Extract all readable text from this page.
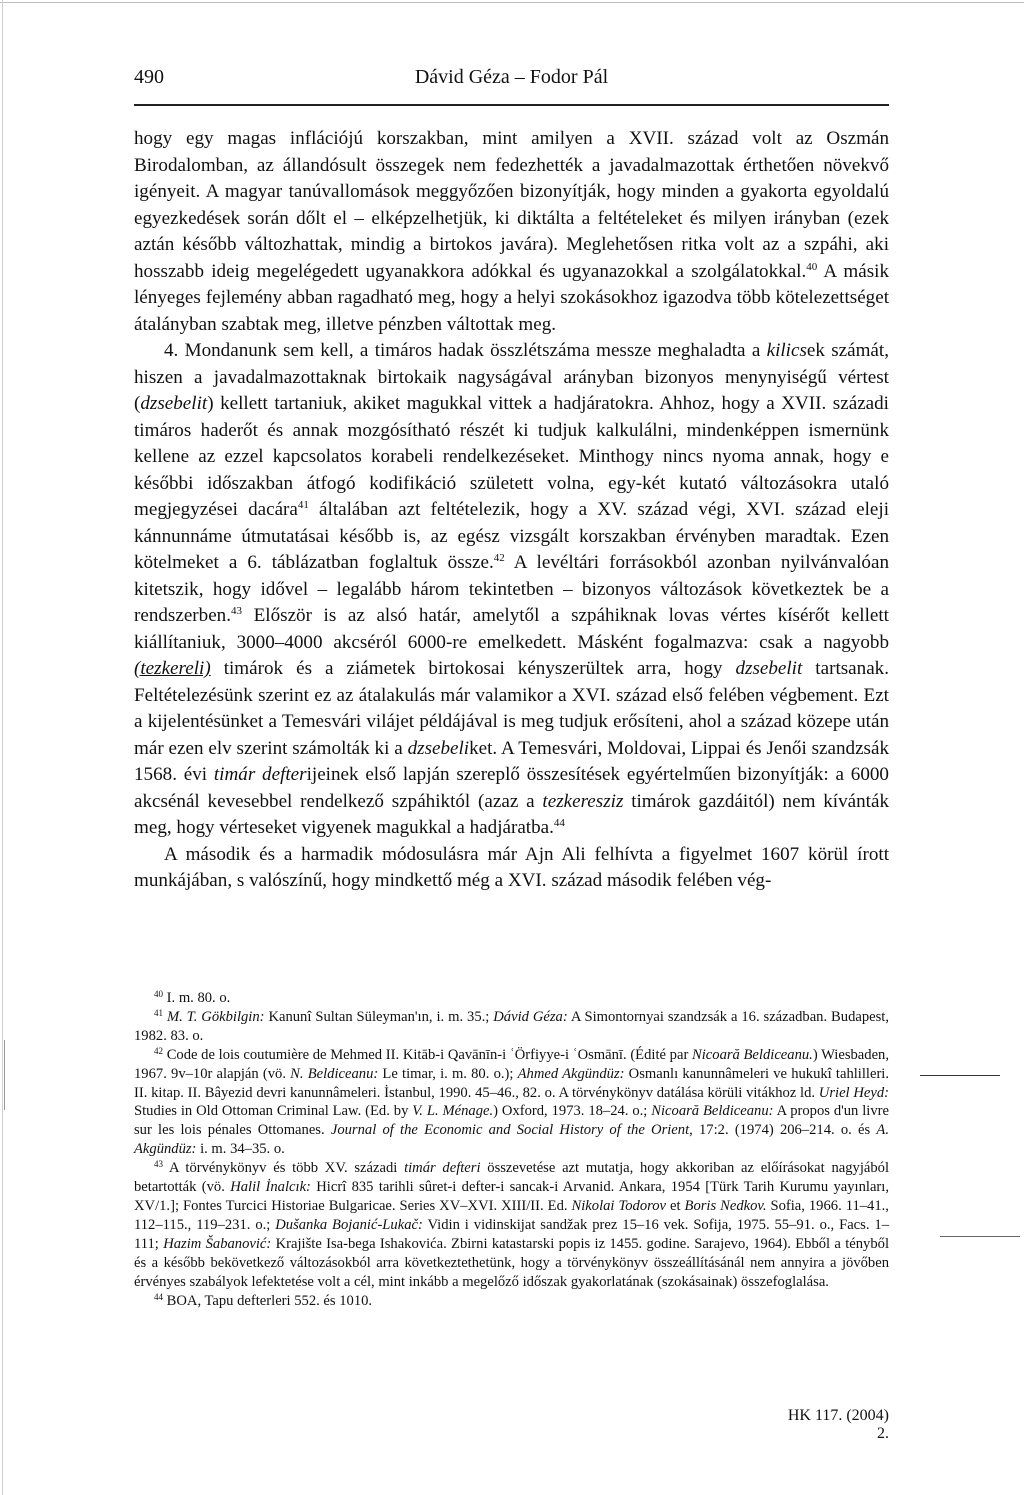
490	Dávid Géza – Fodor Pál

hogy egy magas inflációjú korszakban, mint amilyen a XVII. század volt az Oszmán Birodalomban, az állandósult összegek nem fedezhették a javadalmazottak érthetően növekvő igényeit. A magyar tanúvallomások meggyőzően bizonyítják, hogy minden a gyakorta egyoldalú egyezkedések során dőlt el – elképzelhetjük, ki diktálta a feltételeket és milyen irányban (ezek aztán később változhattak, mindig a birtokos javára). Meglehetősen ritka volt az a szpáhi, aki hosszabb ideig megelégedett ugyanakkora adókkal és ugyanazokkal a szolgálatokkal.$^{40}$ A másik lényeges fejlemény abban ragadható meg, hogy a helyi szokásokhoz igazodva több kötelezettséget átalányban szabtak meg, illetve pénzben váltottak meg.

4. Mondanunk sem kell, a timáros hadak összlétszáma messze meghaladta a kilicsek számát, hiszen a javadalmazottaknak birtokaik nagyságával arányban bizonyos menynyiségű vértest (dzsebelit) kellett tartaniuk, akiket magukkal vittek a hadjáratokra. Ahhoz, hogy a XVII. századi timáros haderőt és annak mozgósítható részét ki tudjuk kalkulálni, mindenképpen ismernünk kellene az ezzel kapcsolatos korabeli rendelkezéseket. Minthogy nincs nyoma annak, hogy e későbbi időszakban átfogó kodifikáció született volna, egy-két kutató változásokra utaló megjegyzései dacára$^{41}$ általában azt feltételezik, hogy a XV. század végi, XVI. század eleji kánnunnáme útmutatásai később is, az egész vizsgált korszakban érvényben maradtak. Ezen kötelmeket a 6. táblázatban foglaltuk össze.$^{42}$ A levéltári forrásokból azonban nyilvánvalóan kitetszik, hogy idővel – legalább három tekintetben – bizonyos változások következtek be a rendszerben.$^{43}$ Először is az alsó határ, amelytől a szpáhiknak lovas vértes kísérőt kellett kiállítaniuk, 3000–4000 akcséról 6000-re emelkedett. Másként fogalmazva: csak a nagyobb (tezkereli) timárok és a ziámetek birtokosai kényszerültek arra, hogy dzsebelit tartsanak. Feltételezésünk szerint ez az átalakulás már valamikor a XVI. század első felében végbement. Ezt a kijelentésünket a Temesvári vilájet példájával is meg tudjuk erősíteni, ahol a század közepe után már ezen elv szerint számolták ki a dzsebeliket. A Temesvári, Moldovai, Lippai és Jenői szandzsák 1568. évi timár defterijeinek első lapján szereplő összesítések egyértelműen bizonyítják: a 6000 akcsénál kevesebbel rendelkező szpáhiktól (azaz a tezkeresziz timárok gazdáitól) nem kívánták meg, hogy vérteseket vigyenek magukkal a hadjáratba.$^{44}$

A második és a harmadik módosulásra már Ajn Ali felhívta a figyelmet 1607 körül írott munkájában, s valószínű, hogy mindkettő még a XVI. század második felében vég-

$^{40}$ I. m. 80. o.

$^{41}$ M. T. Gökbilgin: Kanunî Sultan Süleyman'ın, i. m. 35.; Dávid Géza: A Simontornyai szandzsák a 16. században. Budapest, 1982. 83. o.

$^{42}$ Code de lois coutumière de Mehmed II. Kitāb-i Qavānīn-i ʿÖrfiyye-i ʿOsmānī. (Édité par Nicoară Beldiceanu.) Wiesbaden, 1967. 9v–10r alapján (vö. N. Beldiceanu: Le timar, i. m. 80. o.); Ahmed Akgündüz: Osmanlı kanunnâmeleri ve hukukî tahlilleri. II. kitap. II. Bâyezid devri kanunnâmeleri. İstanbul, 1990. 45–46., 82. o. A törvénykönyv datálása körüli vitákhoz ld. Uriel Heyd: Studies in Old Ottoman Criminal Law. (Ed. by V. L. Ménage.) Oxford, 1973. 18–24. o.; Nicoară Beldiceanu: A propos d'un livre sur les lois pénales Ottomanes. Journal of the Economic and Social History of the Orient, 17:2. (1974) 206–214. o. és A. Akgündüz: i. m. 34–35. o.

$^{43}$ A törvénykönyv és több XV. századi timár defteri összevetése azt mutatja, hogy akkoriban az előírásokat nagyjából betartották (vö. Halil İnalcık: Hicrî 835 tarihli sûret-i defter-i sancak-i Arvanid. Ankara, 1954 [Türk Tarih Kurumu yayınları, XV/1.]; Fontes Turcici Historiae Bulgaricae. Series XV–XVI. XIII/II. Ed. Nikolai Todorov et Boris Nedkov. Sofia, 1966. 11–41., 112–115., 119–231. o.; Dušanka Bojanić-Lukač: Vidin i vidinskijat sandžak prez 15–16 vek. Sofija, 1975. 55–91. o., Facs. 1–111; Hazim Šabanović: Krajište Isa-bega Ishakovića. Zbirni katastarski popis iz 1455. godine. Sarajevo, 1964). Ebből a tényből és a később bekövetkező változásokból arra következtethetünk, hogy a törvénykönyv összeállításánál nem annyira a jövőben érvényes szabályok lefektetése volt a cél, mint inkább a megelőző időszak gyakorlatának (szokásainak) összefoglalása.

$^{44}$ BOA, Tapu defterleri 552. és 1010.

HK 117. (2004) 2.
